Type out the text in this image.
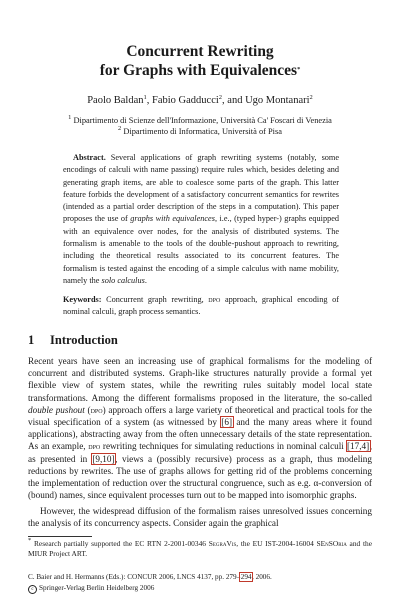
Concurrent Rewriting
for Graphs with Equivalences*
Paolo Baldan$^1$, Fabio Gadducci$^2$, and Ugo Montanari$^2$
$^1$ Dipartimento di Scienze dell'Informazione, Università Ca' Foscari di Venezia
$^2$ Dipartimento di Informatica, Università of Pisa
Abstract. Several applications of graph rewriting systems (notably, some encodings of calculi with name passing) require rules which, besides deleting and generating graph items, are able to coalesce some parts of the graph. This latter feature forbids the development of a satisfactory concurrent semantics for rewrites (intended as a partial order description of the steps in a computation). This paper proposes the use of graphs with equivalences, i.e., (typed hyper-) graphs equipped with an equivalence over nodes, for the analysis of distributed systems. The formalism is amenable to the tools of the double-pushout approach to rewriting, including the theoretical results associated to its concurrent features. The formalism is tested against the encoding of a simple calculus with name mobility, namely the solo calculus.
Keywords: Concurrent graph rewriting, dpo approach, graphical encoding of nominal calculi, graph process semantics.
1 Introduction
Recent years have seen an increasing use of graphical formalisms for the modeling of concurrent and distributed systems. Graph-like structures naturally provide a formal yet flexible view of system states, while the rewriting rules suitably model local state transformations. Among the different formalisms proposed in the literature, the so-called double pushout (dpo) approach offers a large variety of theoretical and practical tools for the visual specification of a system (as witnessed by [6] and the many areas where it found applications), abstracting away from the often unnecessary details of the state representation. As an example, dpo rewriting techniques for simulating reductions in nominal calculi [17,4], as presented in [9,10], views a (possibly recursive) process as a graph, thus modeling reductions by rewrites. The use of graphs allows for getting rid of the problems concerning the implementation of reduction over the structural congruence, such as e.g. α-conversion of (bound) names, since equivalent processes turn out to be mapped into isomorphic graphs.
However, the widespread diffusion of the formalism raises unresolved issues concerning the analysis of its concurrency aspects. Consider again the graphical
* Research partially supported the EC RTN 2-2001-00346 SegraVis, the EU IST-2004-16004 SEnSOria and the MIUR Project ART.
C. Baier and H. Hermanns (Eds.): CONCUR 2006, LNCS 4137, pp. 279–294, 2006.
c Springer-Verlag Berlin Heidelberg 2006
